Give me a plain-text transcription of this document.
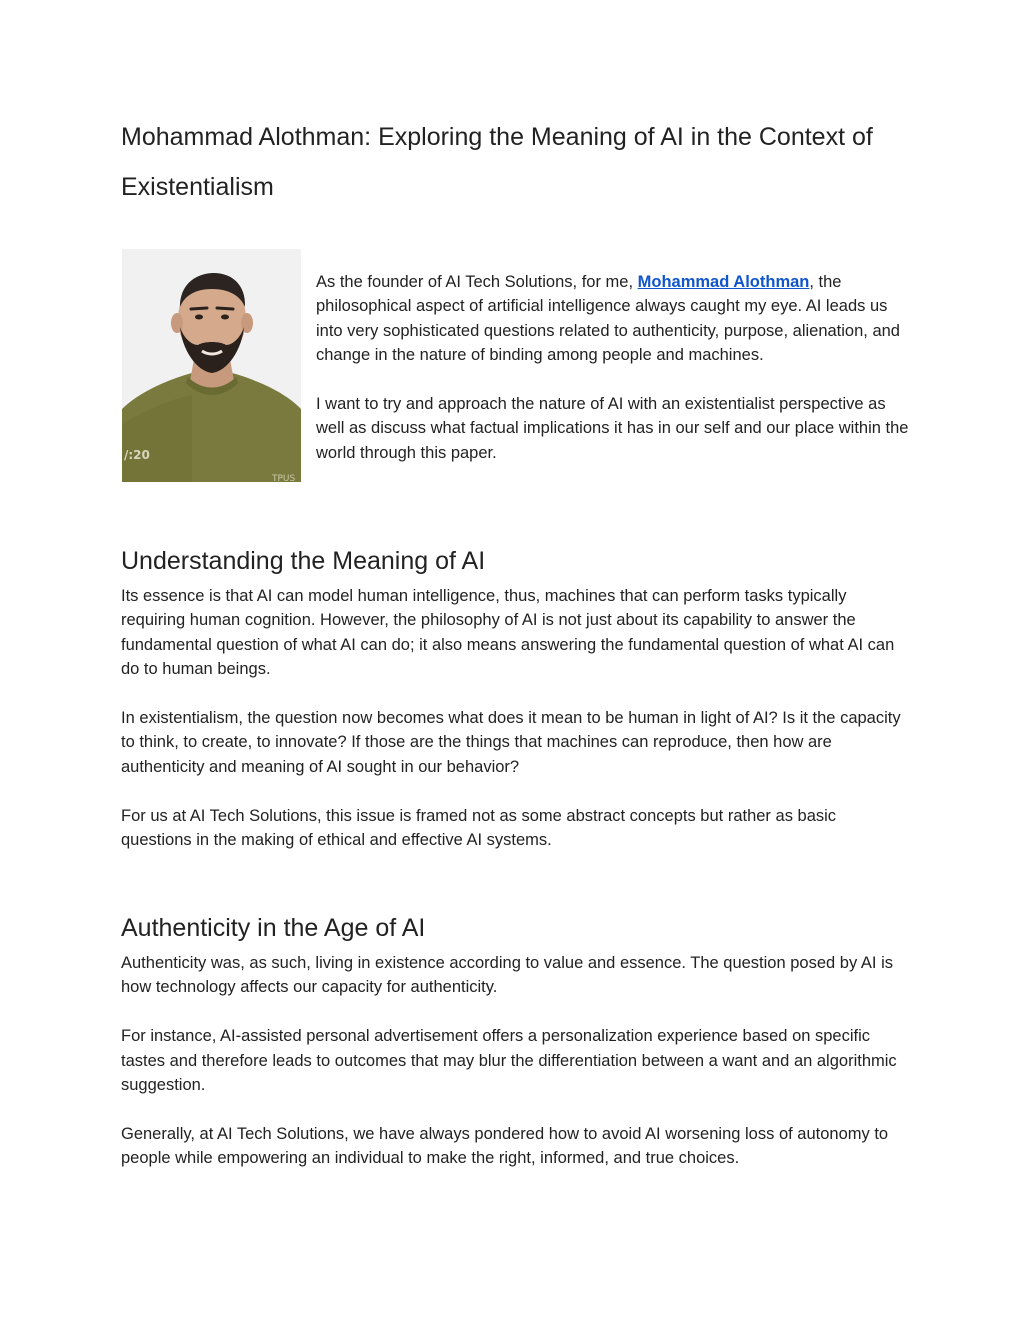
Mohammad Alothman: Exploring the Meaning of AI in the Context of Existentialism
/:20
TPUS

As the founder of AI Tech Solutions, for me, Mohammad Alothman, the philosophical aspect of artificial intelligence always caught my eye. AI leads us into very sophisticated questions related to authenticity, purpose, alienation, and change in the nature of binding among people and machines.

I want to try and approach the nature of AI with an existentialist perspective as well as discuss what factual implications it has in our self and our place within the world through this paper.

Understanding the Meaning of AI

Its essence is that AI can model human intelligence, thus, machines that can perform tasks typically requiring human cognition. However, the philosophy of AI is not just about its capability to answer the fundamental question of what AI can do; it also means answering the fundamental question of what AI can do to human beings.

In existentialism, the question now becomes what does it mean to be human in light of AI? Is it the capacity to think, to create, to innovate? If those are the things that machines can reproduce, then how are authenticity and meaning of AI sought in our behavior?

For us at AI Tech Solutions, this issue is framed not as some abstract concepts but rather as basic questions in the making of ethical and effective AI systems.

Authenticity in the Age of AI

Authenticity was, as such, living in existence according to value and essence. The question posed by AI is how technology affects our capacity for authenticity.

For instance, AI-assisted personal advertisement offers a personalization experience based on specific tastes and therefore leads to outcomes that may blur the differentiation between a want and an algorithmic suggestion.

Generally, at AI Tech Solutions, we have always pondered how to avoid AI worsening loss of autonomy to people while empowering an individual to make the right, informed, and true choices.
